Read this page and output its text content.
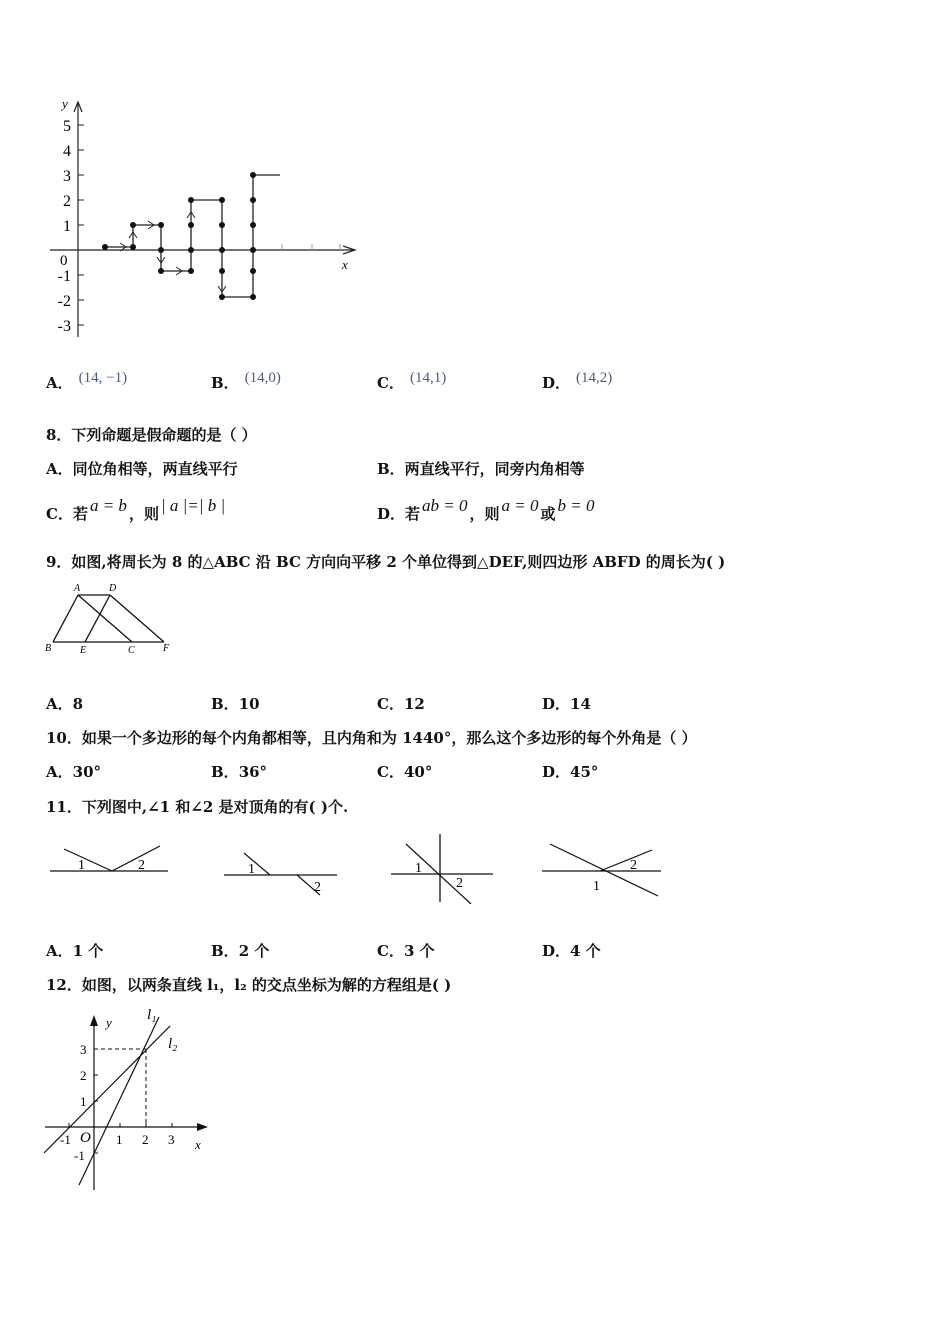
y
x
0
5
4
3
2
1
-1
-2
-3
A． (14, −1)	B． (14,0)	C． (14,1)	D． (14,2)
8．下列命题是假命题的是（ ）
A．同位角相等，两直线平行	B．两直线平行，同旁内角相等
C．若 a = b ，则 | a |=| b |	D．若 ab = 0 ，则 a = 0 或 b = 0
9．如图,将周长为 8 的△ABC 沿 BC 方向向平移 2 个单位得到△DEF,则四边形 ABFD 的周长为( )
A	D
B	E	C	F
A．8	B．10	C．12	D．14
10．如果一个多边形的每个内角都相等，且内角和为 1440°，那么这个多边形的每个外角是（ ）
A．30°	B．36°	C．40°	D．45°
11．下列图中,∠1 和∠2 是对顶角的有( )个.
1	2	1
2
1
2	1
2
A．1 个	B．2 个	C．3 个	D．4 个
12．如图，以两条直线 l₁，l₂ 的交点坐标为解的方程组是( )
y
x
O
l₁
l₂
3
2
1
-1
-1	1 2 3
